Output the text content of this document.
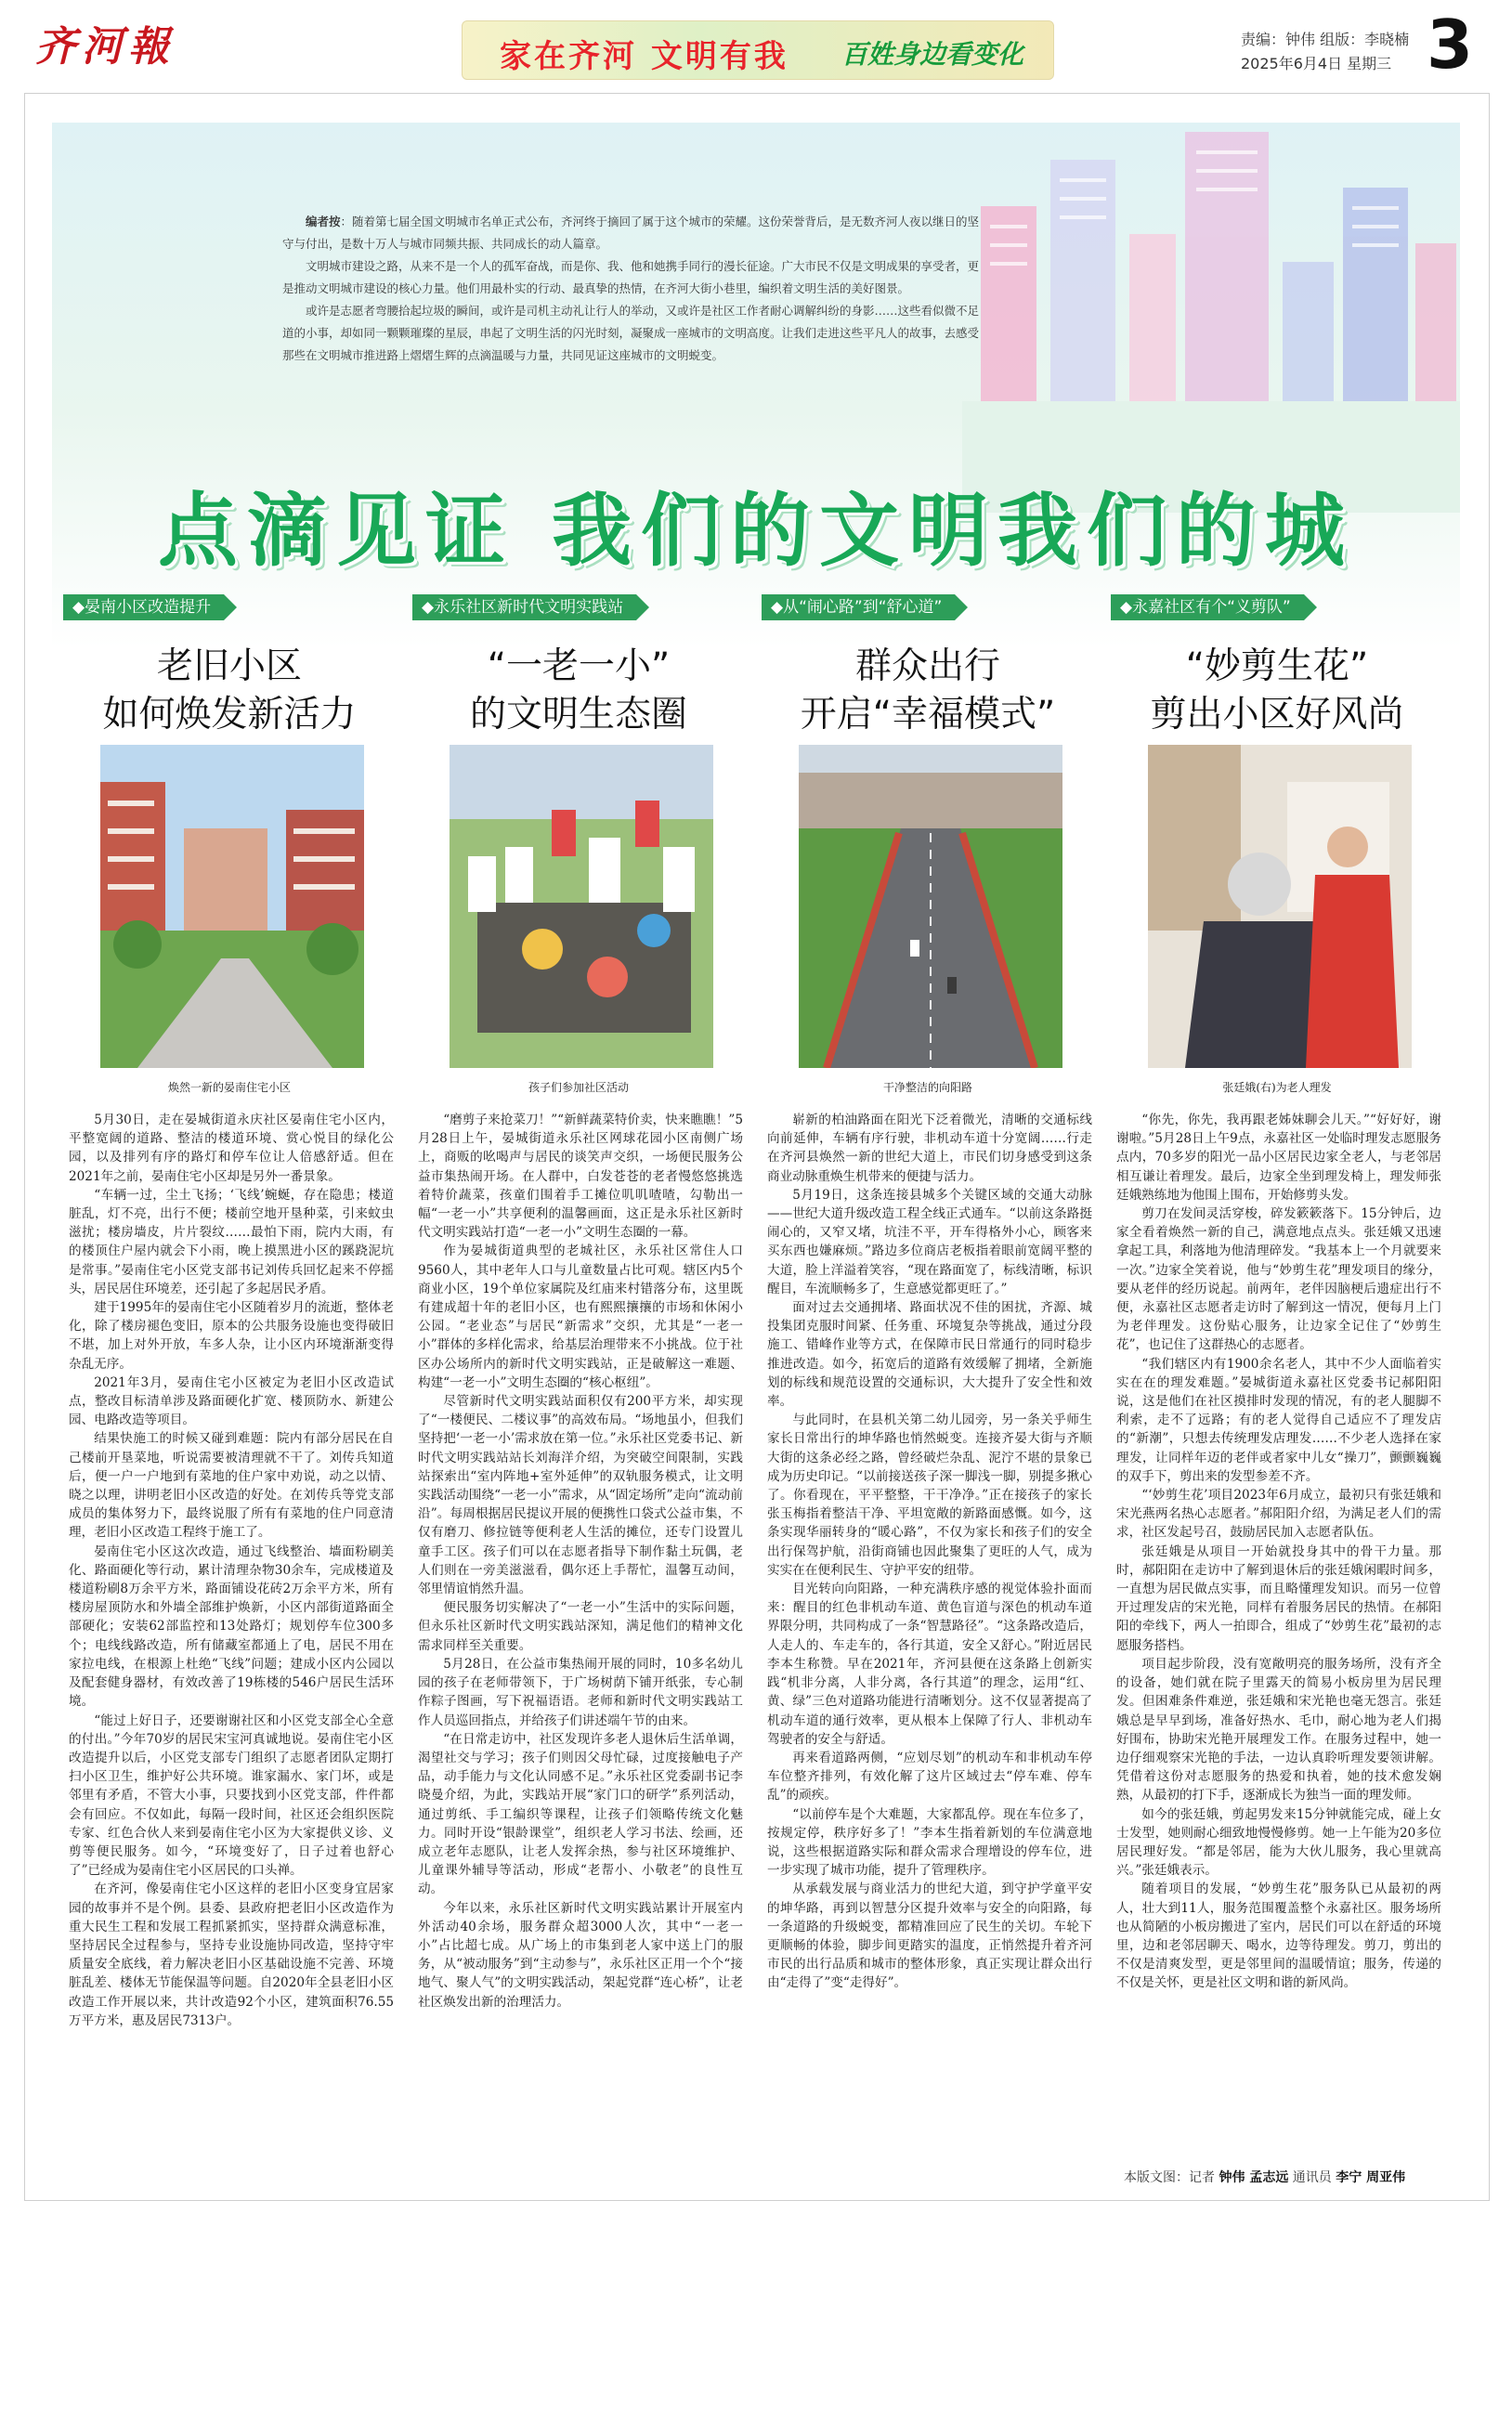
齐河報	家在齐河 文明有我 百姓身边看变化	责编：钟伟 组版：李晓楠
2025年6月4日 星期三 3

编者按：随着第七届全国文明城市名单正式公布，齐河终于摘回了属于这个城市的荣耀。这份荣誉背后，是无数齐河人夜以继日的坚守与付出，是数十万人与城市同频共振、共同成长的动人篇章。

文明城市建设之路，从来不是一个人的孤军奋战，而是你、我、他和她携手同行的漫长征途。广大市民不仅是文明成果的享受者，更是推动文明城市建设的核心力量。他们用最朴实的行动、最真挚的热情，在齐河大街小巷里，编织着文明生活的美好图景。

或许是志愿者弯腰拾起垃圾的瞬间，或许是司机主动礼让行人的举动，又或许是社区工作者耐心调解纠纷的身影……这些看似微不足道的小事，却如同一颗颗璀璨的星辰，串起了文明生活的闪光时刻，凝聚成一座城市的文明高度。让我们走进这些平凡人的故事，去感受那些在文明城市推进路上熠熠生辉的点滴温暖与力量，共同见证这座城市的文明蜕变。

点滴见证 我们的文明我们的城
◆晏南小区改造提升
老旧小区
如何焕发新活力
焕然一新的晏南住宅小区

5月30日，走在晏城街道永庆社区晏南住宅小区内，平整宽阔的道路、整洁的楼道环境、赏心悦目的绿化公园，以及排列有序的路灯和停车位让人倍感舒适。但在2021年之前，晏南住宅小区却是另外一番景象。

“车辆一过，尘土飞扬；‘飞线’蜿蜒，存在隐患；楼道脏乱，灯不亮，出行不便；楼前空地开垦种菜，引来蚊虫滋扰；楼房墙皮，片片裂纹……最怕下雨，院内大雨，有的楼顶住户屋内就会下小雨，晚上摸黑进小区的蹊跷泥坑是常事。”晏南住宅小区党支部书记刘传兵回忆起来不停摇头，居民居住环境差，还引起了多起居民矛盾。

建于1995年的晏南住宅小区随着岁月的流逝，整体老化，除了楼房褪色变旧，原本的公共服务设施也变得破旧不堪，加上对外开放，车多人杂，让小区内环境渐渐变得杂乱无序。

2021年3月，晏南住宅小区被定为老旧小区改造试点，整改目标清单涉及路面硬化扩宽、楼顶防水、新建公园、电路改造等项目。

结果快施工的时候又碰到难题：院内有部分居民在自己楼前开垦菜地，听说需要被清理就不干了。刘传兵知道后，便一户一户地到有菜地的住户家中劝说，动之以情、晓之以理，讲明老旧小区改造的好处。在刘传兵等党支部成员的集体努力下，最终说服了所有有菜地的住户同意清理，老旧小区改造工程终于施工了。

晏南住宅小区这次改造，通过飞线整治、墙面粉刷美化、路面硬化等行动，累计清理杂物30余车，完成楼道及楼道粉刷8万余平方米，路面铺设花砖2万余平方米，所有楼房屋顶防水和外墙全部维护焕新，小区内部街道路面全部硬化；安装62部监控和13处路灯；规划停车位300多个；电线线路改造，所有储藏室都通上了电，居民不用在家拉电线，在根源上杜绝“飞线”问题；建成小区内公园以及配套健身器材，有效改善了19栋楼的546户居民生活环境。

“能过上好日子，还要谢谢社区和小区党支部全心全意的付出。”今年70岁的居民宋宝河真诚地说。晏南住宅小区改造提升以后，小区党支部专门组织了志愿者团队定期打扫小区卫生，维护好公共环境。谁家漏水、家门坏，或是邻里有矛盾，不管大小事，只要找到小区党支部，件件都会有回应。不仅如此，每隔一段时间，社区还会组织医院专家、红色合伙人来到晏南住宅小区为大家提供义诊、义剪等便民服务。如今，“环境变好了，日子过着也舒心了”已经成为晏南住宅小区居民的口头禅。

在齐河，像晏南住宅小区这样的老旧小区变身宜居家园的故事并不是个例。县委、县政府把老旧小区改造作为重大民生工程和发展工程抓紧抓实，坚持群众满意标准，坚持居民全过程参与，坚持专业设施协同改造，坚持守牢质量安全底线，着力解决老旧小区基础设施不完善、环境脏乱差、楼体无节能保温等问题。自2020年全县老旧小区改造工作开展以来，共计改造92个小区，建筑面积76.55万平方米，惠及居民7313户。

◆永乐社区新时代文明实践站
“一老一小”
的文明生态圈
孩子们参加社区活动

“磨剪子来抢菜刀！”“新鲜蔬菜特价卖，快来瞧瞧！”5月28日上午，晏城街道永乐社区网球花园小区南侧广场上，商贩的吆喝声与居民的谈笑声交织，一场便民服务公益市集热闹开场。在人群中，白发苍苍的老者慢悠悠挑选着特价蔬菜，孩童们围着手工摊位叽叽喳喳，勾勒出一幅“一老一小”共享便利的温馨画面，这正是永乐社区新时代文明实践站打造“一老一小”文明生态圈的一幕。

作为晏城街道典型的老城社区，永乐社区常住人口9560人，其中老年人口与儿童数量占比可观。辖区内5个商业小区，19个单位家属院及红庙来村错落分布，这里既有建成超十年的老旧小区，也有熙熙攘攘的市场和休闲小公园。“老业态”与居民“新需求”交织，尤其是“一老一小”群体的多样化需求，给基层治理带来不小挑战。位于社区办公场所内的新时代文明实践站，正是破解这一难题、构建“一老一小”文明生态圈的“核心枢纽”。

尽管新时代文明实践站面积仅有200平方米，却实现了“一楼便民、二楼议事”的高效布局。“场地虽小，但我们坚持把‘一老一小’需求放在第一位。”永乐社区党委书记、新时代文明实践站站长刘海洋介绍，为突破空间限制，实践站探索出“室内阵地+室外延伸”的双轨服务模式，让文明实践活动围绕“一老一小”需求，从“固定场所”走向“流动前沿”。每周根据居民提议开展的便携性口袋式公益市集，不仅有磨刀、修拉链等便利老人生活的摊位，还专门设置儿童手工区。孩子们可以在志愿者指导下制作黏土玩偶，老人们则在一旁美滋滋看，偶尔还上手帮忙，温馨互动间，邻里情谊悄然升温。

便民服务切实解决了“一老一小”生活中的实际问题，但永乐社区新时代文明实践站深知，满足他们的精神文化需求同样至关重要。

5月28日，在公益市集热闹开展的同时，10多名幼儿园的孩子在老师带领下，于广场树荫下铺开纸张，专心制作粽子图画，写下祝福语语。老师和新时代文明实践站工作人员巡回指点，并给孩子们讲述端午节的由来。

“在日常走访中，社区发现许多老人退休后生活单调，渴望社交与学习；孩子们则因父母忙碌，过度接触电子产品，动手能力与文化认同感不足。”永乐社区党委副书记李晓曼介绍，为此，实践站开展“家门口的研学”系列活动，通过剪纸、手工编织等课程，让孩子们领略传统文化魅力。同时开设“银龄课堂”，组织老人学习书法、绘画，还成立老年志愿队，让老人发挥余热，参与社区环境维护、儿童课外辅导等活动，形成“老帮小、小敬老”的良性互动。

今年以来，永乐社区新时代文明实践站累计开展室内外活动40余场，服务群众超3000人次，其中“一老一小”占比超七成。从广场上的市集到老人家中送上门的服务，从“被动服务”到“主动参与”，永乐社区正用一个个“接地气、聚人气”的文明实践活动，架起党群“连心桥”，让老社区焕发出新的治理活力。

◆从“闹心路”到“舒心道”
群众出行
开启“幸福模式”
干净整洁的向阳路

崭新的柏油路面在阳光下泛着微光，清晰的交通标线向前延伸，车辆有序行驶，非机动车道十分宽阔……行走在齐河县焕然一新的世纪大道上，市民们切身感受到这条商业动脉重焕生机带来的便捷与活力。

5月19日，这条连接县城多个关键区域的交通大动脉——世纪大道升级改造工程全线正式通车。“以前这条路挺闹心的，又窄又堵，坑洼不平，开车得格外小心，顾客来买东西也嫌麻烦。”路边多位商店老板指着眼前宽阔平整的大道，脸上洋溢着笑容，“现在路面宽了，标线清晰，标识醒目，车流顺畅多了，生意感觉都更旺了。”

面对过去交通拥堵、路面状况不佳的困扰，齐源、城投集团克服时间紧、任务重、环境复杂等挑战，通过分段施工、错峰作业等方式，在保障市民日常通行的同时稳步推进改造。如今，拓宽后的道路有效缓解了拥堵，全新施划的标线和规范设置的交通标识，大大提升了安全性和效率。

与此同时，在县机关第二幼儿园旁，另一条关乎师生家长日常出行的坤华路也悄然蜕变。连接齐晏大街与齐顺大街的这条必经之路，曾经破烂杂乱、泥泞不堪的景象已成为历史印记。“以前接送孩子深一脚浅一脚，别提多揪心了。你看现在，平平整整，干干净净。”正在接孩子的家长张玉梅指着整洁干净、平坦宽敞的新路面感慨。如今，这条实现华丽转身的“暖心路”，不仅为家长和孩子们的安全出行保驾护航，沿街商铺也因此聚集了更旺的人气，成为实实在在便利民生、守护平安的纽带。

目光转向向阳路，一种充满秩序感的视觉体验扑面而来：醒目的红色非机动车道、黄色盲道与深色的机动车道界限分明，共同构成了一条“智慧路径”。“这条路改造后，人走人的、车走车的，各行其道，安全又舒心。”附近居民李本生称赞。早在2021年，齐河县便在这条路上创新实践“机非分离，人非分离，各行其道”的理念，运用“红、黄、绿”三色对道路功能进行清晰划分。这不仅显著提高了机动车道的通行效率，更从根本上保障了行人、非机动车驾驶者的安全与舒适。

再来看道路两侧，“应划尽划”的机动车和非机动车停车位整齐排列，有效化解了这片区域过去“停车难、停车乱”的顽疾。

“以前停车是个大难题，大家都乱停。现在车位多了，按规定停，秩序好多了！”李本生指着新划的车位满意地说，这些根据道路实际和群众需求合理增设的停车位，进一步实现了城市功能，提升了管理秩序。

从承载发展与商业活力的世纪大道，到守护学童平安的坤华路，再到以智慧分区提升效率与安全的向阳路，每一条道路的升级蜕变，都精准回应了民生的关切。车轮下更顺畅的体验，脚步间更踏实的温度，正悄然提升着齐河市民的出行品质和城市的整体形象，真正实现让群众出行由“走得了”变“走得好”。

◆永嘉社区有个“义剪队”
“妙剪生花”
剪出小区好风尚
张廷娥(右)为老人理发

“你先，你先，我再跟老姊妹聊会儿天。”“好好好，谢谢啦。”5月28日上午9点，永嘉社区一处临时理发志愿服务点内，70多岁的阳光一品小区居民边家全老人，与老邻居相互谦让着理发。最后，边家全坐到理发椅上，理发师张廷娥熟练地为他围上围布，开始修剪头发。

剪刀在发间灵活穿梭，碎发簌簌落下。15分钟后，边家全看着焕然一新的自己，满意地点点头。张廷娥又迅速拿起工具，利落地为他清理碎发。“我基本上一个月就要来一次。”边家全笑着说，他与“妙剪生花”理发项目的缘分，要从老伴的经历说起。前两年，老伴因脑梗后遗症出行不便，永嘉社区志愿者走访时了解到这一情况，便每月上门为老伴理发。这份贴心服务，让边家全记住了“妙剪生花”，也记住了这群热心的志愿者。

“我们辖区内有1900余名老人，其中不少人面临着实实在在的理发难题。”晏城街道永嘉社区党委书记郝阳阳说，这是他们在社区摸排时发现的情况，有的老人腿脚不利索，走不了远路；有的老人觉得自己适应不了理发店的“新潮”，只想去传统理发店理发……不少老人选择在家理发，让同样年迈的老伴或者家中儿女“操刀”，颤颤巍巍的双手下，剪出来的发型参差不齐。

“‘妙剪生花’项目2023年6月成立，最初只有张廷娥和宋光燕两名热心志愿者。”郝阳阳介绍，为满足老人们的需求，社区发起号召，鼓励居民加入志愿者队伍。

张廷娥是从项目一开始就投身其中的骨干力量。那时，郝阳阳在走访中了解到退休后的张廷娥闲暇时间多，一直想为居民做点实事，而且略懂理发知识。而另一位曾开过理发店的宋光艳，同样有着服务居民的热情。在郝阳阳的牵线下，两人一拍即合，组成了“妙剪生花”最初的志愿服务搭档。

项目起步阶段，没有宽敞明亮的服务场所，没有齐全的设备，她们就在院子里露天的简易小板房里为居民理发。但困难条件难逆，张廷娥和宋光艳也毫无怨言。张廷娥总是早早到场，准备好热水、毛巾，耐心地为老人们揭好围布，协助宋光艳开展理发工作。在服务过程中，她一边仔细观察宋光艳的手法，一边认真聆听理发要领讲解。凭借着这份对志愿服务的热爱和执着，她的技术愈发娴熟，从最初的打下手，逐渐成长为独当一面的理发师。

如今的张廷娥，剪起男发来15分钟就能完成，碰上女士发型，她则耐心细致地慢慢修剪。她一上午能为20多位居民理好发。“都是邻居，能为大伙儿服务，我心里就高兴。”张廷娥表示。

随着项目的发展，“妙剪生花”服务队已从最初的两人，壮大到11人，服务范围覆盖整个永嘉社区。服务场所也从简陋的小板房搬进了室内，居民们可以在舒适的环境里，边和老邻居聊天、喝水，边等待理发。剪刀，剪出的不仅是清爽发型，更是邻里间的温暖情谊；服务，传递的不仅是关怀，更是社区文明和谐的新风尚。

本版文图：记者 钟伟 孟志远 通讯员 李宁 周亚伟
